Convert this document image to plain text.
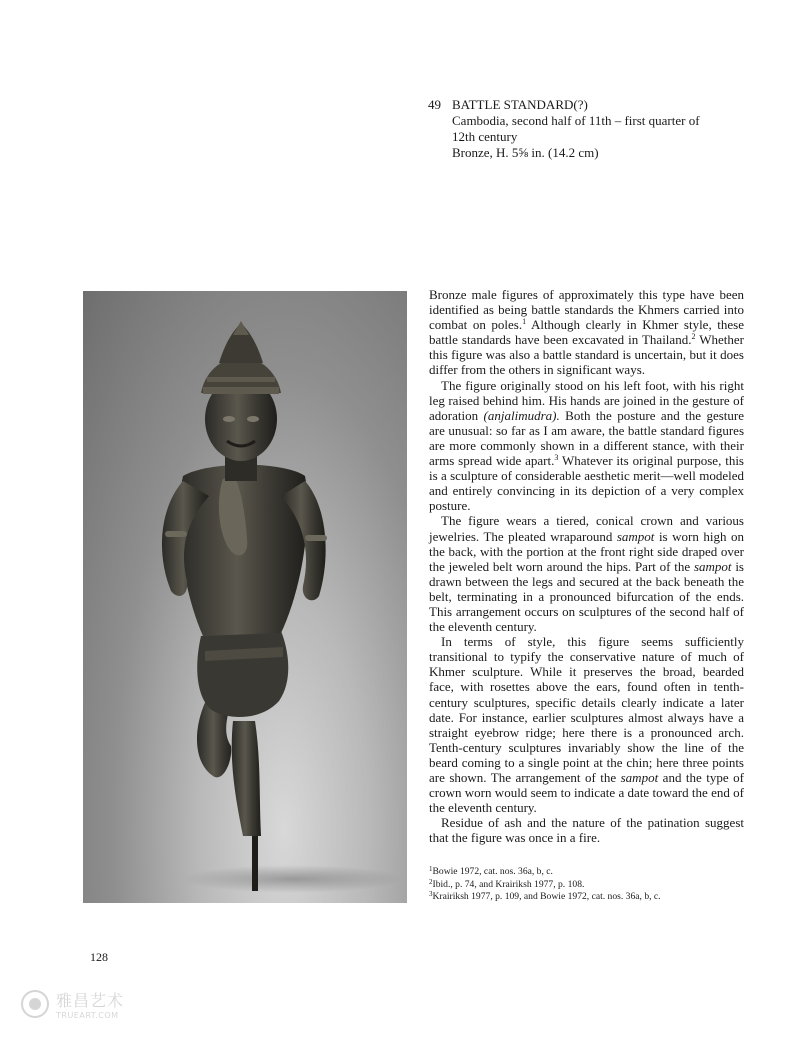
49 BATTLE STANDARD(?)
Cambodia, second half of 11th – first quarter of
12th century
Bronze, H. 5⅝ in. (14.2 cm)

Bronze male figures of approximately this type have been identified as being battle standards the Khmers carried into combat on poles.$^1$ Although clearly in Khmer style, these battle standards have been excavated in Thailand.$^2$ Whether this figure was also a battle standard is uncertain, but it does differ from the others in significant ways.

The figure originally stood on his left foot, with his right leg raised behind him. His hands are joined in the gesture of adoration (anjalimudra). Both the posture and the gesture are unusual: so far as I am aware, the battle standard figures are more commonly shown in a different stance, with their arms spread wide apart.$^3$ Whatever its original purpose, this is a sculpture of considerable aesthetic merit—well modeled and entirely convincing in its depiction of a very complex posture.

The figure wears a tiered, conical crown and various jewelries. The pleated wraparound sampot is worn high on the back, with the portion at the front right side draped over the jeweled belt worn around the hips. Part of the sampot is drawn between the legs and secured at the back beneath the belt, terminating in a pronounced bifurcation of the ends. This arrangement occurs on sculptures of the second half of the eleventh century.

In terms of style, this figure seems sufficiently transitional to typify the conservative nature of much of Khmer sculpture. While it preserves the broad, bearded face, with rosettes above the ears, found often in tenth-century sculptures, specific details clearly indicate a later date. For instance, earlier sculptures almost always have a straight eyebrow ridge; here there is a pronounced arch. Tenth-century sculptures invariably show the line of the beard coming to a single point at the chin; here three points are shown. The arrangement of the sampot and the type of crown worn would seem to indicate a date toward the end of the eleventh century.

Residue of ash and the nature of the patination suggest that the figure was once in a fire.

$^1$Bowie 1972, cat. nos. 36a, b, c.
$^2$Ibid., p. 74, and Krairiksh 1977, p. 108.
$^3$Krairiksh 1977, p. 109, and Bowie 1972, cat. nos. 36a, b, c.
128
雅昌艺术
TRUEART.COM
